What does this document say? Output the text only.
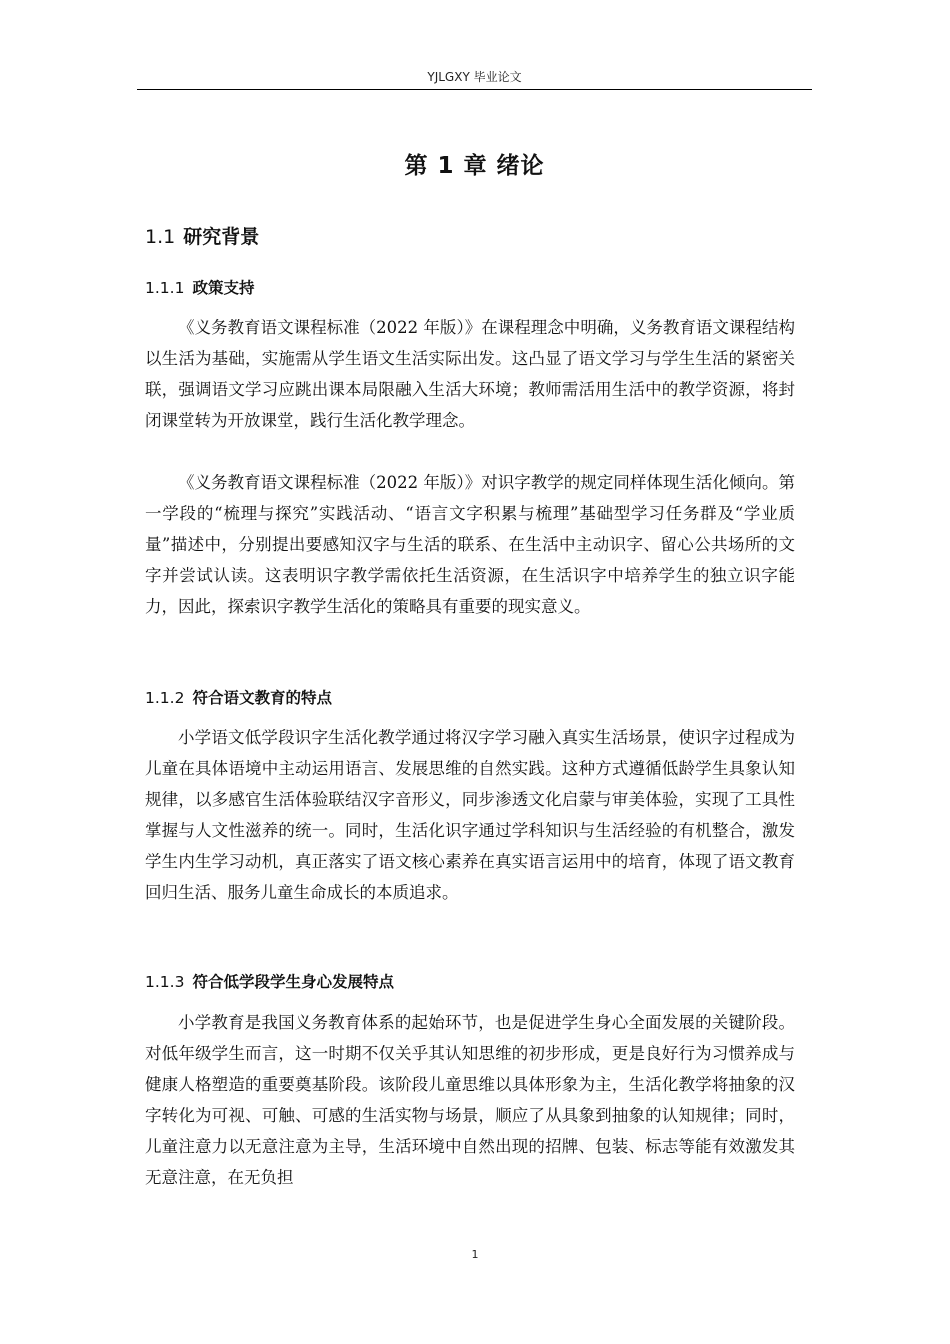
YJLGXY 毕业论文
第 1 章 绪论
1.1 研究背景
1.1.1 政策支持

《义务教育语文课程标准（2022 年版）》在课程理念中明确，义务教育语文课程结构以生活为基础，实施需从学生语文生活实际出发。这凸显了语文学习与学生生活的紧密关联，强调语文学习应跳出课本局限融入生活大环境；教师需活用生活中的教学资源，将封闭课堂转为开放课堂，践行生活化教学理念。

《义务教育语文课程标准（2022 年版）》对识字教学的规定同样体现生活化倾向。第一学段的“梳理与探究”实践活动、“语言文字积累与梳理”基础型学习任务群及“学业质量”描述中，分别提出要感知汉字与生活的联系、在生活中主动识字、留心公共场所的文字并尝试认读。这表明识字教学需依托生活资源，在生活识字中培养学生的独立识字能力，因此，探索识字教学生活化的策略具有重要的现实意义。

1.1.2 符合语文教育的特点

小学语文低学段识字生活化教学通过将汉字学习融入真实生活场景，使识字过程成为儿童在具体语境中主动运用语言、发展思维的自然实践。这种方式遵循低龄学生具象认知规律，以多感官生活体验联结汉字音形义，同步渗透文化启蒙与审美体验，实现了工具性掌握与人文性滋养的统一。同时，生活化识字通过学科知识与生活经验的有机整合，激发学生内生学习动机，真正落实了语文核心素养在真实语言运用中的培育，体现了语文教育回归生活、服务儿童生命成长的本质追求。

1.1.3 符合低学段学生身心发展特点

小学教育是我国义务教育体系的起始环节，也是促进学生身心全面发展的关键阶段。对低年级学生而言，这一时期不仅关乎其认知思维的初步形成，更是良好行为习惯养成与健康人格塑造的重要奠基阶段。该阶段儿童思维以具体形象为主，生活化教学将抽象的汉字转化为可视、可触、可感的生活实物与场景，顺应了从具象到抽象的认知规律；同时，儿童注意力以无意注意为主导，生活环境中自然出现的招牌、包装、标志等能有效激发其无意注意，在无负担

1
